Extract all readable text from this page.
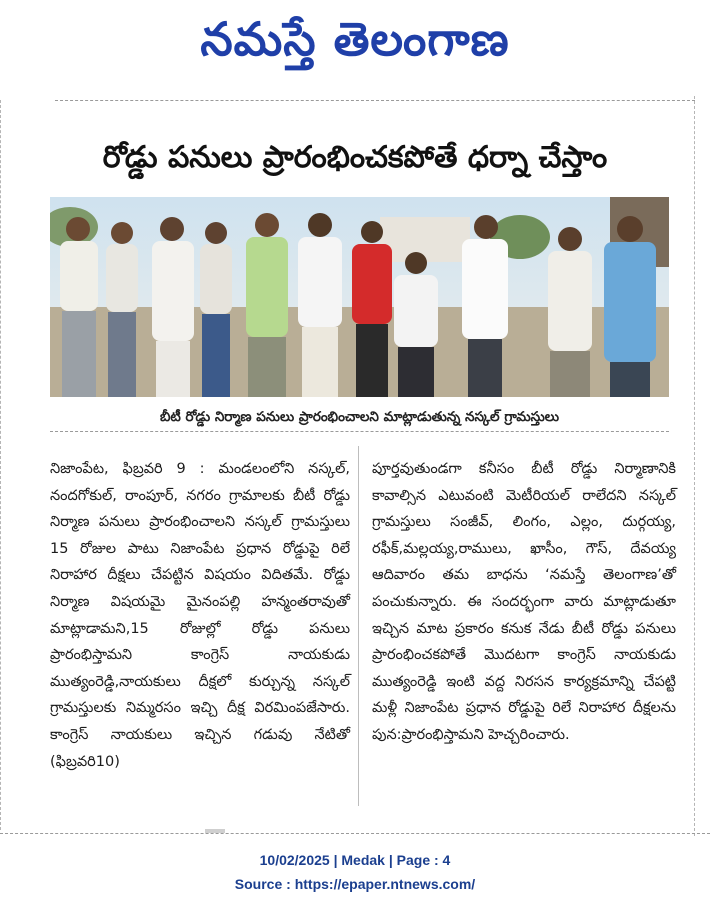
నమస్తే తెలంగాణ
రోడ్డు పనులు ప్రారంభించకపోతే ధర్నా చేస్తాం
బీటీ రోడ్డు నిర్మాణ పనులు ప్రారంభించాలని మాట్లాడుతున్న నస్కల్ గ్రామస్తులు

నిజాంపేట, ఫిబ్రవరి 9 : మండలంలోని నస్కల్, నందగోకుల్, రాంపూర్, నగరం గ్రామాలకు బీటీ రోడ్డు నిర్మాణ పనులు ప్రారంభించాలని నస్కల్ గ్రామస్తులు 15 రోజుల పాటు నిజాంపేట ప్రధాన రోడ్డుపై రిలే నిరాహార దీక్షలు చేపట్టిన విషయం విదితమే. రోడ్డు నిర్మాణ విషయమై మైనంపల్లి హన్మంతరావుతో మాట్లాడామని,15 రోజుల్లో రోడ్డు పనులు ప్రారంభిస్తామని కాంగ్రెస్ నాయకుడు ముత్యంరెడ్డి,నాయకులు దీక్షలో కుర్చున్న నస్కల్ గ్రామస్తులకు నిమ్మరసం ఇచ్చి దీక్ష విరమింపజేసారు. కాంగ్రెస్ నాయకులు ఇచ్చిన గడువు నేటితో (ఫిబ్రవరి10)

పూర్తవుతుండగా కనీసం బీటీ రోడ్డు నిర్మాణానికి కావాల్సిన ఎటువంటి మెటీరియల్ రాలేదని నస్కల్ గ్రామస్తులు సంజీవ్, లింగం, ఎల్లం, దుర్గయ్య, రఫీక్,మల్లయ్య,రాములు, ఖాసీం, గౌస్, దేవయ్య ఆదివారం తమ బాధను ‘నమస్తే తెలంగాణ’తో పంచుకున్నారు. ఈ సందర్భంగా వారు మాట్లాడుతూ ఇచ్చిన మాట ప్రకారం కనుక నేడు బీటీ రోడ్డు పనులు ప్రారంభించకపోతే మొదటగా కాంగ్రెస్ నాయకుడు ముత్యంరెడ్డి ఇంటి వద్ద నిరసన కార్యక్రమాన్ని చేపట్టి మళ్లీ నిజాంపేట ప్రధాన రోడ్డుపై రిలే నిరాహార దీక్షలను పున:ప్రారంభిస్తామని హెచ్చరించారు.

10/02/2025 | Medak | Page : 4
Source : https://epaper.ntnews.com/
